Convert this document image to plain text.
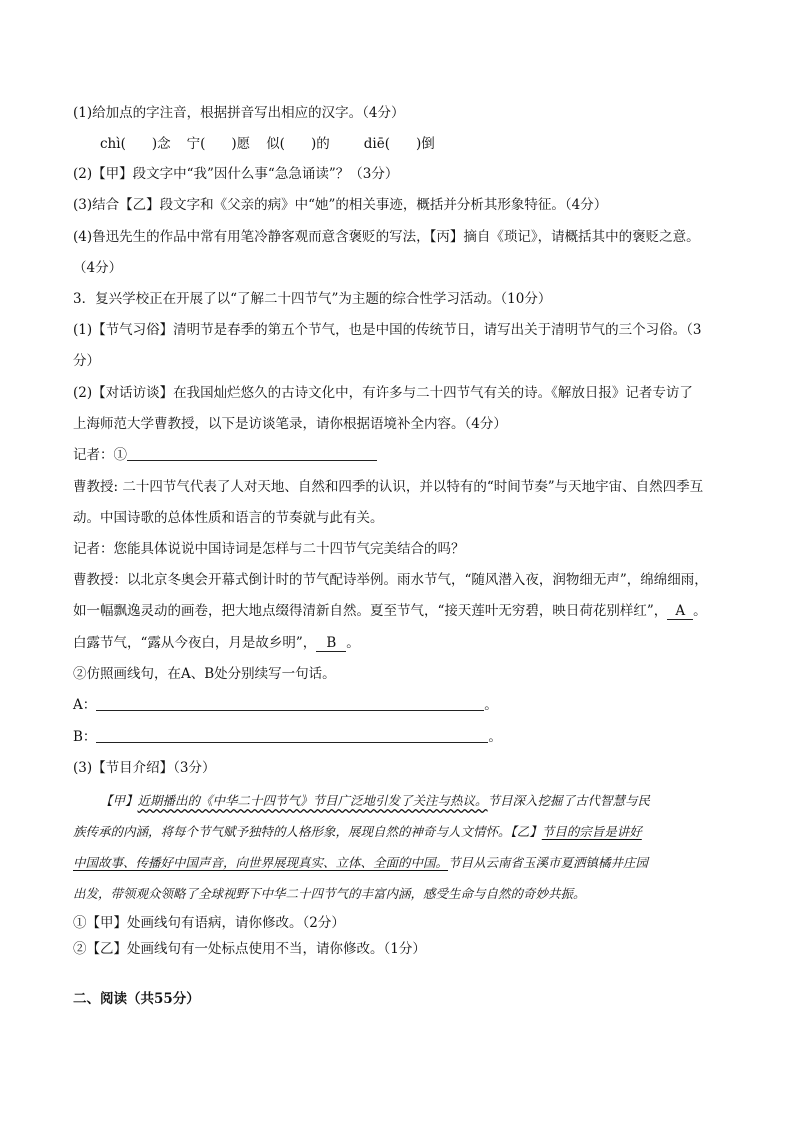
(1)给加点的字注音，根据拼音写出相应的汉字。（4分）
chì( )念 宁( )愿 似( )的	diē( )倒
(2)【甲】段文字中“我”因什么事“急急诵读”？（3分）
(3)结合【乙】段文字和《父亲的病》中“她”的相关事迹，概括并分析其形象特征。（4分）
(4)鲁迅先生的作品中常有用笔冷静客观而意含褒贬的写法，【丙】摘自《琐记》，请概括其中的褒贬之意。
（4分）
3．复兴学校正在开展了以“了解二十四节气”为主题的综合性学习活动。（10分）
(1)【节气习俗】清明节是春季的第五个节气，也是中国的传统节日，请写出关于清明节气的三个习俗。（3
分）
(2)【对话访谈】在我国灿烂悠久的古诗文化中，有许多与二十四节气有关的诗。《解放日报》记者专访了
上海师范大学曹教授，以下是访谈笔录，请你根据语境补全内容。（4分）
记者：①
曹教授: 二十四节气代表了人对天地、自然和四季的认识，并以特有的“时间节奏”与天地宇宙、自然四季互
动。中国诗歌的总体性质和语言的节奏就与此有关。
记者：您能具体说说中国诗词是怎样与二十四节气完美结合的吗？
曹教授：以北京冬奥会开幕式倒计时的节气配诗举例。雨水节气，“随风潜入夜，润物细无声”，绵绵细雨，
如一幅飘逸灵动的画卷，把大地点缀得清新自然。夏至节气，“接天莲叶无穷碧，映日荷花别样红”， A 。
白露节气，“露从今夜白，月是故乡明”， B 。
②仿照画线句，在A、B处分别续写一句话。
A：	。
B：	。
(3)【节目介绍】（3分）
【甲】近期播出的《中华二十四节气》节目广泛地引发了关注与热议。节目深入挖掘了古代智慧与民
族传承的内涵，将每个节气赋予独特的人格形象，展现自然的神奇与人文情怀。【乙】节目的宗旨是讲好
中国故事、传播好中国声音，向世界展现真实、立体、全面的中国。节目从云南省玉溪市夏洒镇橘井庄园
出发，带领观众领略了全球视野下中华二十四节气的丰富内涵，感受生命与自然的奇妙共振。
①【甲】处画线句有语病，请你修改。（2分）
②【乙】处画线句有一处标点使用不当，请你修改。（1分）
二、阅读（共55分）
